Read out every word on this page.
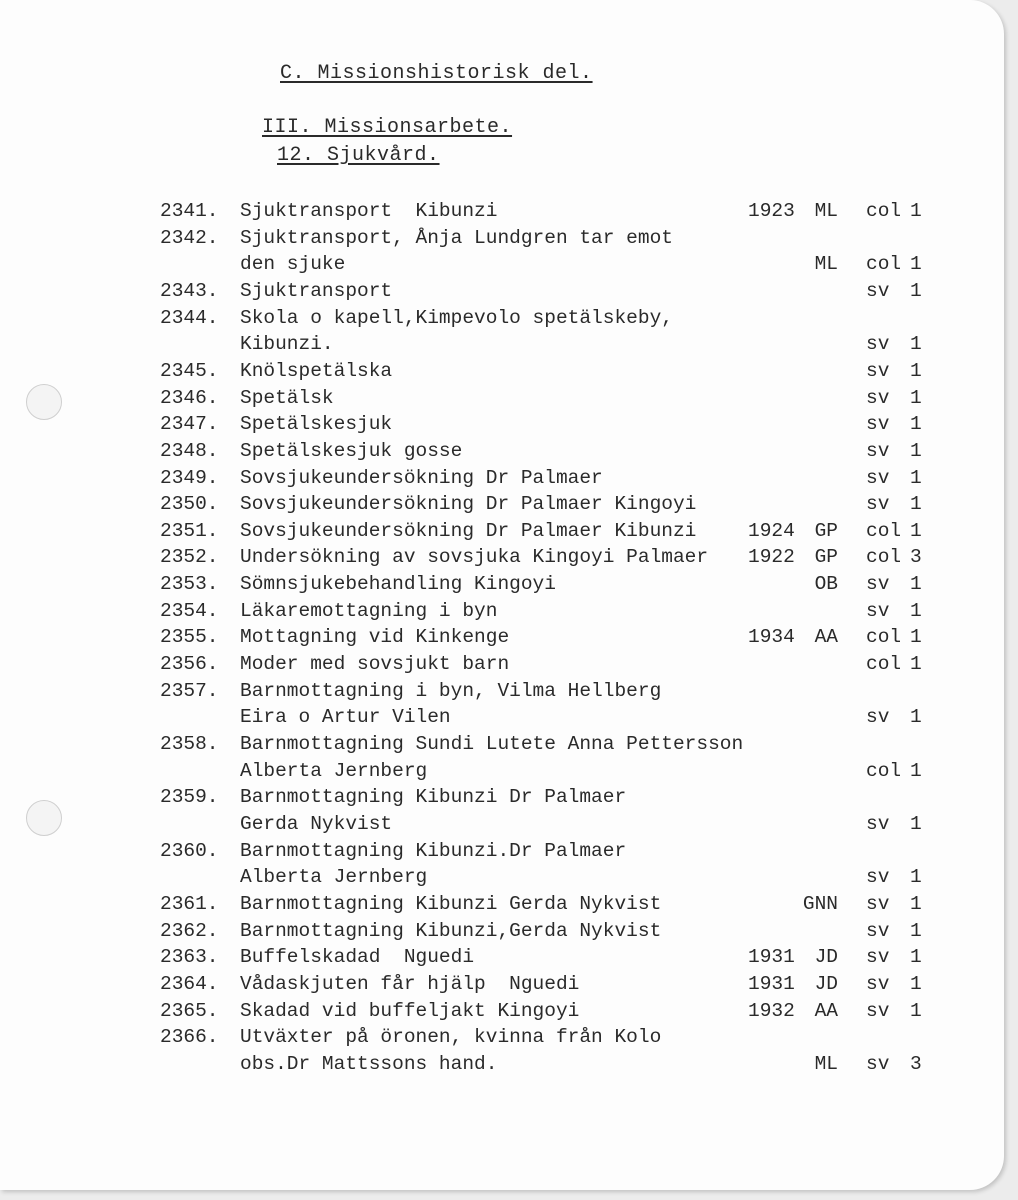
C. Missionshistorisk del.
III. Missionsarbete.
12. Sjukvård.
2341. Sjuktransport  Kibunzi	1923	ML col 1
2342. Sjuktransport, Ånja Lundgren tar emot
den sjuke	ML col 1
2343. Sjuktransport	sv 1
2344. Skola o kapell,Kimpevolo spetälskeby,
Kibunzi.	sv 1
2345. Knölspetälska	sv 1
2346. Spetälsk	sv 1
2347. Spetälskesjuk	sv 1
2348. Spetälskesjuk gosse	sv 1
2349. Sovsjukeundersökning Dr Palmaer	sv 1
2350. Sovsjukeundersökning Dr Palmaer Kingoyi	sv 1
2351. Sovsjukeundersökning Dr Palmaer Kibunzi	1924	GP col 1
2352. Undersökning av sovsjuka Kingoyi Palmaer 1922	GP col 3
2353. Sömnsjukebehandling Kingoyi	OB sv 1
2354. Läkaremottagning i byn	sv 1
2355. Mottagning vid Kinkenge	1934	AA col 1
2356. Moder med sovsjukt barn	col 1
2357. Barnmottagning i byn, Vilma Hellberg
Eira o Artur Vilen	sv 1
2358. Barnmottagning Sundi Lutete Anna Pettersson
Alberta Jernberg	col 1
2359. Barnmottagning Kibunzi Dr Palmaer
Gerda Nykvist	sv 1
2360. Barnmottagning Kibunzi.Dr Palmaer
Alberta Jernberg	sv 1
2361. Barnmottagning Kibunzi Gerda Nykvist	GNN sv 1
2362. Barnmottagning Kibunzi,Gerda Nykvist	sv 1
2363. Buffelskadad  Nguedi	1931	JD sv 1
2364. Vådaskjuten får hjälp  Nguedi	1931	JD sv 1
2365. Skadad vid buffeljakt Kingoyi	1932	AA sv 1
2366. Utväxter på öronen, kvinna från Kolo
obs.Dr Mattssons hand.	ML sv 3
